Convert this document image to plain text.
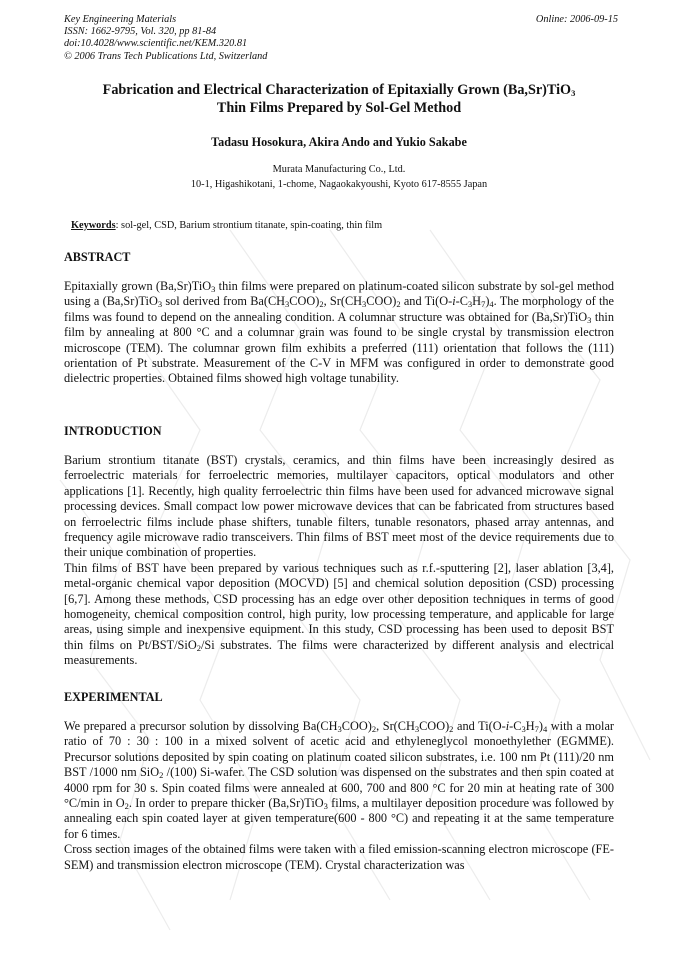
Key Engineering Materials
ISSN: 1662-9795, Vol. 320, pp 81-84
doi:10.4028/www.scientific.net/KEM.320.81
© 2006 Trans Tech Publications Ltd, Switzerland
Online: 2006-09-15
Fabrication and Electrical Characterization of Epitaxially Grown (Ba,Sr)TiO$_3$
Thin Films Prepared by Sol-Gel Method
Tadasu Hosokura, Akira Ando and Yukio Sakabe
Murata Manufacturing Co., Ltd.
10-1, Higashikotani, 1-chome, Nagaokakyoushi, Kyoto 617-8555 Japan
Keywords: sol-gel, CSD, Barium strontium titanate, spin-coating, thin film
ABSTRACT
Epitaxially grown (Ba,Sr)TiO$_3$ thin films were prepared on platinum-coated silicon substrate by sol-gel method using a (Ba,Sr)TiO$_3$ sol derived from $Ba(CH_3COO)_2$, $Sr(CH_3COO)_2$ and $Ti(O-i-C_3H_7)_4$. The morphology of the films was found to depend on the annealing condition. A columnar structure was obtained for (Ba,Sr)TiO$_3$ thin film by annealing at 800 °C and a columnar grain was found to be single crystal by transmission electron microscope (TEM). The columnar grown film exhibits a preferred (111) orientation that follows the (111) orientation of Pt substrate. Measurement of the C-V in MFM was configured in order to demonstrate good dielectric properties. Obtained films showed high voltage tunability.
INTRODUCTION

Barium strontium titanate (BST) crystals, ceramics, and thin films have been increasingly desired as ferroelectric materials for ferroelectric memories, multilayer capacitors, optical modulators and other applications [1]. Recently, high quality ferroelectric thin films have been used for advanced microwave signal processing devices. Small compact low power microwave devices that can be fabricated from structures based on ferroelectric films include phase shifters, tunable filters, tunable resonators, phased array antennas, and frequency agile microwave radio transceivers. Thin films of BST meet most of the device requirements due to their unique combination of properties.

Thin films of BST have been prepared by various techniques such as r.f.-sputtering [2], laser ablation [3,4], metal-organic chemical vapor deposition (MOCVD) [5] and chemical solution deposition (CSD) processing [6,7]. Among these methods, CSD processing has an edge over other deposition techniques in terms of good homogeneity, chemical composition control, high purity, low processing temperature, and applicable for large areas, using simple and inexpensive equipment. In this study, CSD processing has been used to deposit BST thin films on Pt/BST/SiO$_2$/Si substrates. The films were characterized by different analysis and electrical measurements.

EXPERIMENTAL

We prepared a precursor solution by dissolving $Ba(CH_3COO)_2$, $Sr(CH_3COO)_2$ and $Ti(O-i-C_3H_7)_4$ with a molar ratio of 70 : 30 : 100 in a mixed solvent of acetic acid and ethyleneglycol monoethylether (EGMME). Precursor solutions deposited by spin coating on platinum coated silicon substrates, i.e. 100 nm Pt (111)/20 nm BST /1000 nm SiO$_2$ /(100) Si-wafer. The CSD solution was dispensed on the substrates and then spin coated at 4000 rpm for 30 s. Spin coated films were annealed at 600, 700 and 800 °C for 20 min at heating rate of 300 °C/min in $O_2$. In order to prepare thicker (Ba,Sr)TiO$_3$ films, a multilayer deposition procedure was followed by annealing each spin coated layer at given temperature(600 - 800 °C) and repeating it at the same temperature for 6 times.

Cross section images of the obtained films were taken with a filed emission-scanning electron microscope (FE-SEM) and transmission electron microscope (TEM). Crystal characterization was
